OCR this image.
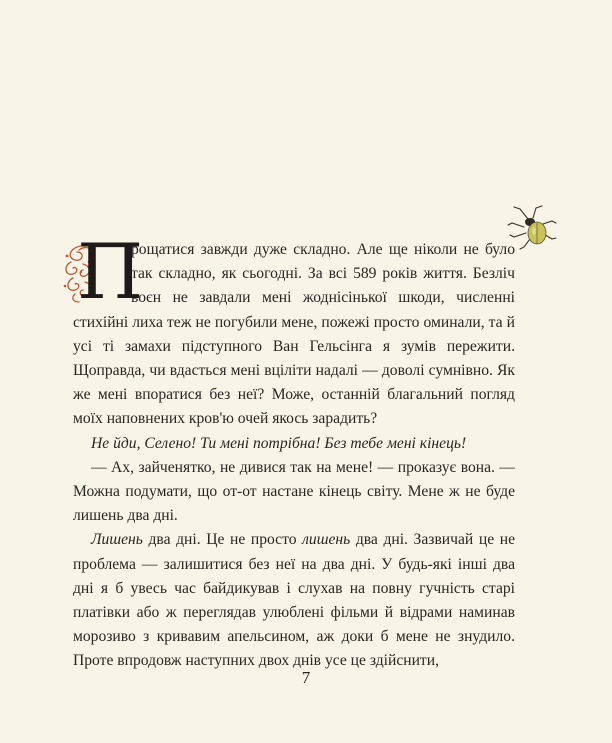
П

рощатися завжди дуже складно. Але ще ніколи не було так складно, як сьогодні. За всі 589 років життя. Безліч воєн не завдали мені жоднісінької шкоди, численні стихійні лиха теж не погубили мене, пожежі просто оминали, та й усі ті замахи підступного Ван Гельсінга я зумів пережити. Щоправда, чи вдасться мені вціліти надалі — доволі сумнівно. Як же мені впоратися без неї? Може, останній благальний погляд моїх наповнених кров'ю очей якось зарадить?

Не йди, Селено! Ти мені потрібна! Без тебе мені кінець!

— Ах, зайченятко, не дивися так на мене! — проказує вона. — Можна подумати, що от-от настане кінець світу. Мене ж не буде лишень два дні.

Лишень два дні. Це не просто лишень два дні. Зазвичай це не проблема — залишитися без неї на два дні. У будь-які інші два дні я б увесь час байдикував і слухав на повну гучність старі платівки або ж переглядав улюблені фільми й відрами наминав морозиво з кривавим апельсином, аж доки б мене не знудило. Проте впродовж наступних двох днів усе це здійснити,

7
